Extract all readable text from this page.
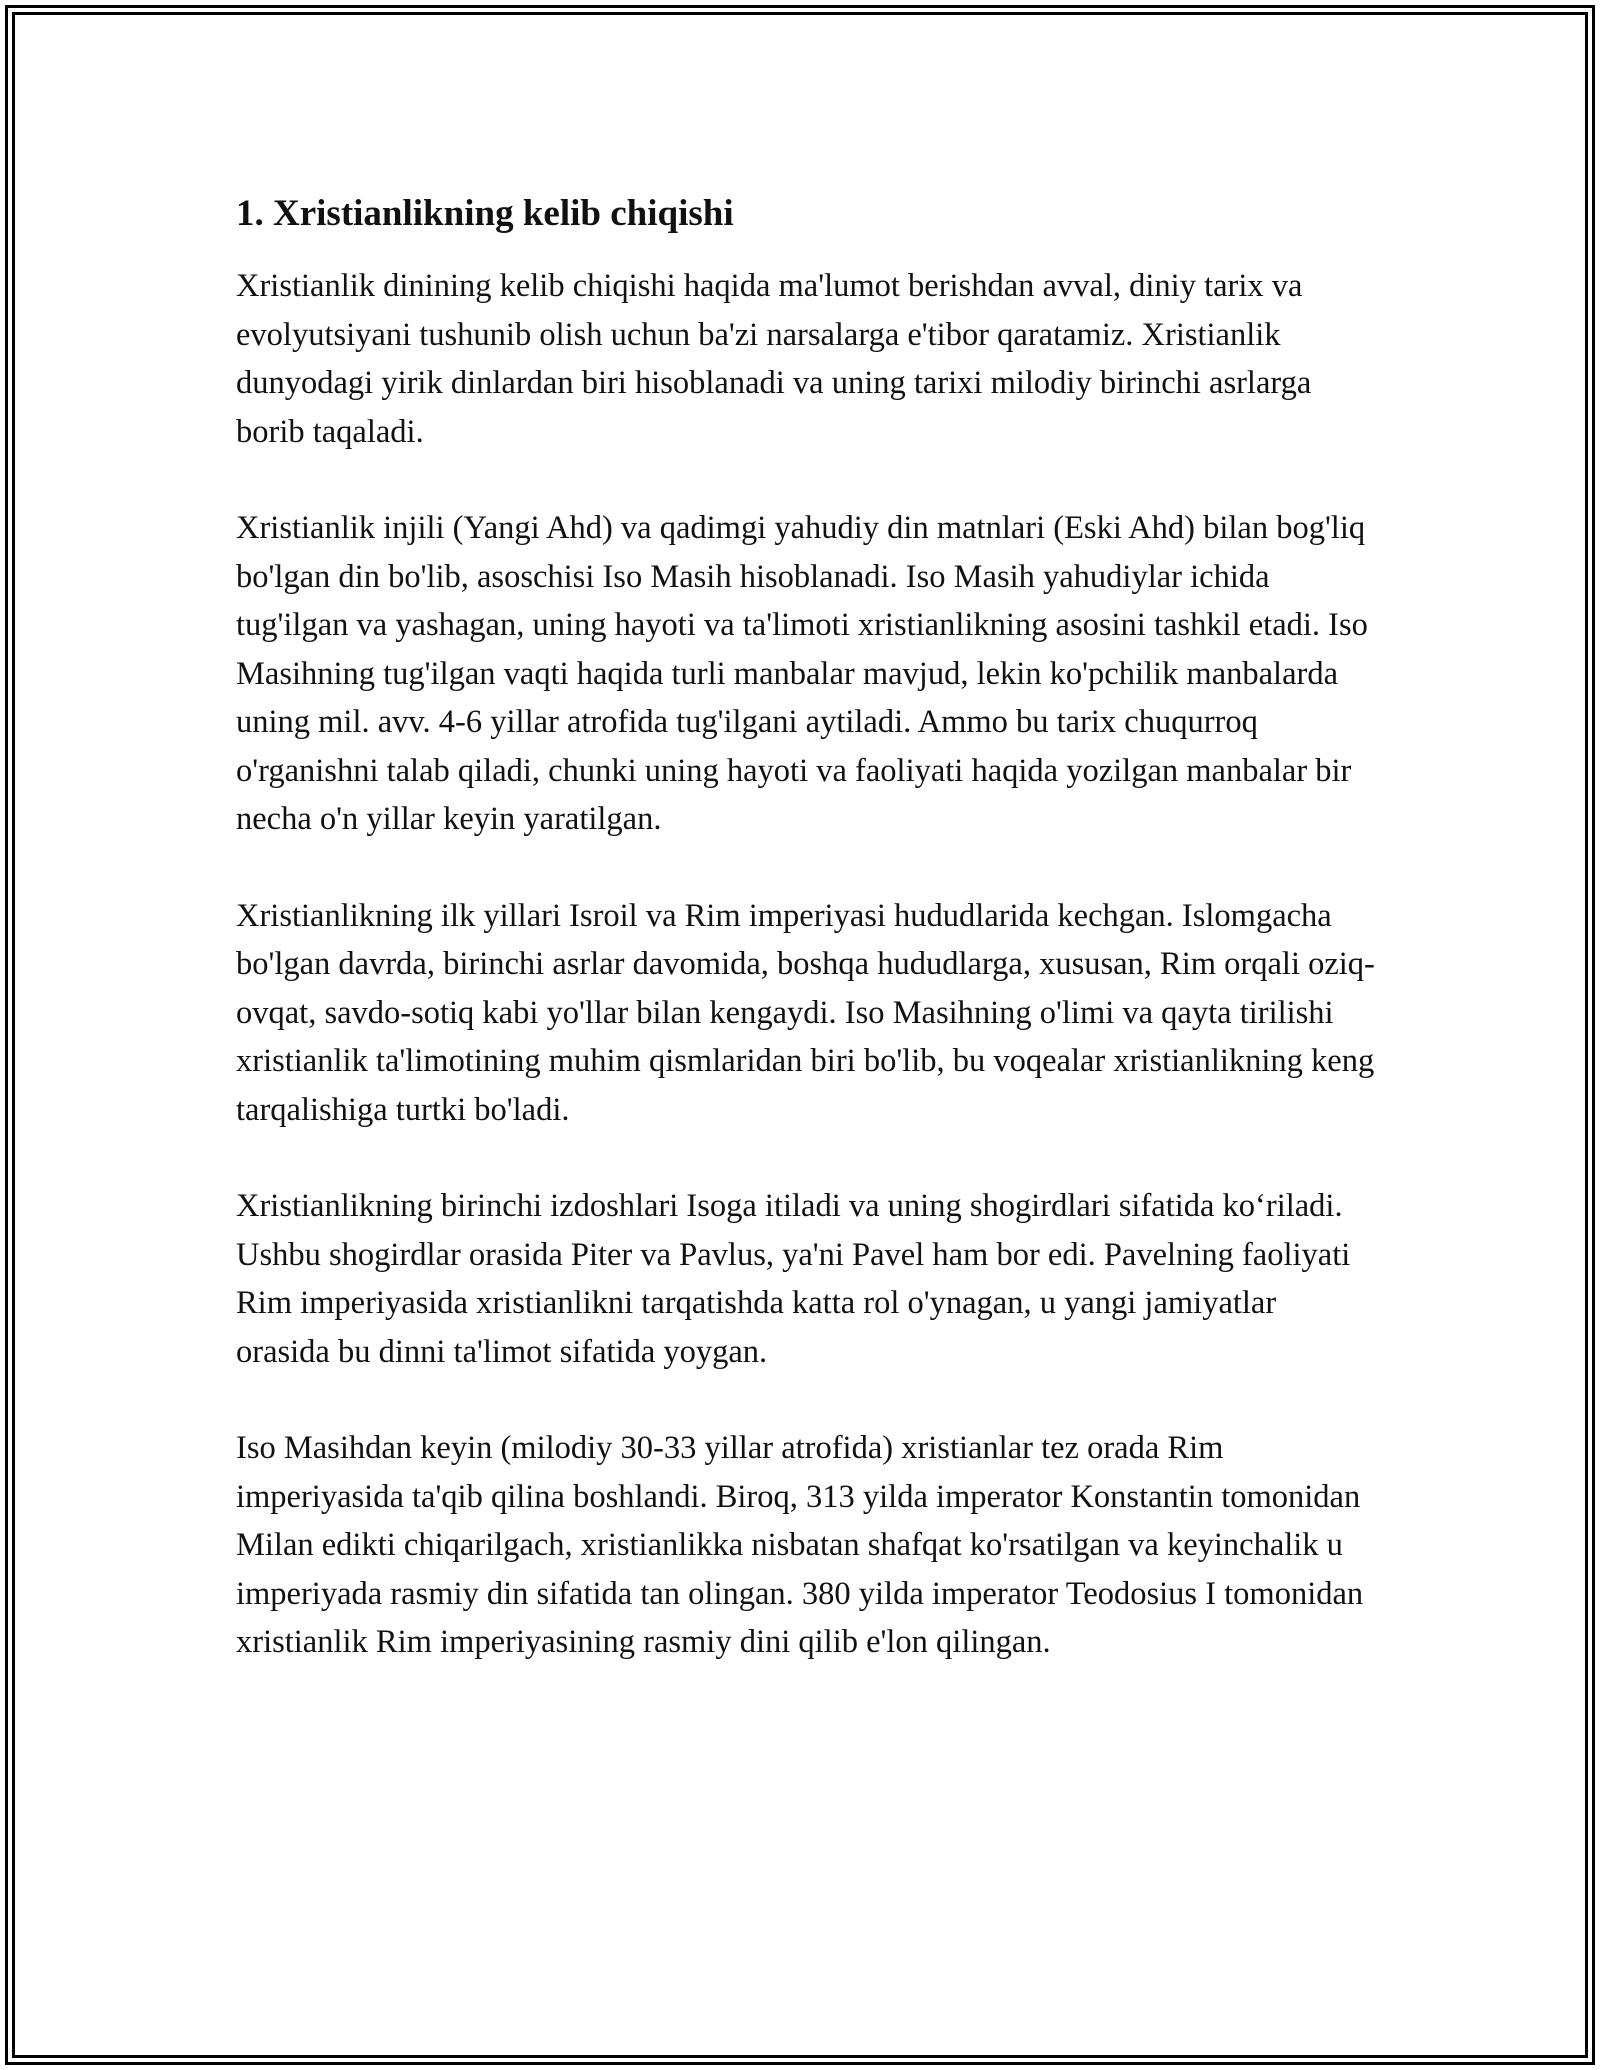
1. Xristianlikning kelib chiqishi

Xristianlik dinining kelib chiqishi haqida ma'lumot berishdan avval, diniy tarix va evolyutsiyani tushunib olish uchun ba'zi narsalarga e'tibor qaratamiz. Xristianlik dunyodagi yirik dinlardan biri hisoblanadi va uning tarixi milodiy birinchi asrlarga borib taqaladi.

Xristianlik injili (Yangi Ahd) va qadimgi yahudiy din matnlari (Eski Ahd) bilan bog'liq bo'lgan din bo'lib, asoschisi Iso Masih hisoblanadi. Iso Masih yahudiylar ichida tug'ilgan va yashagan, uning hayoti va ta'limoti xristianlikning asosini tashkil etadi. Iso Masihning tug'ilgan vaqti haqida turli manbalar mavjud, lekin ko'pchilik manbalarda uning mil. avv. 4-6 yillar atrofida tug'ilgani aytiladi. Ammo bu tarix chuqurroq o'rganishni talab qiladi, chunki uning hayoti va faoliyati haqida yozilgan manbalar bir necha o'n yillar keyin yaratilgan.

Xristianlikning ilk yillari Isroil va Rim imperiyasi hududlarida kechgan. Islomgacha bo'lgan davrda, birinchi asrlar davomida, boshqa hududlarga, xususan, Rim orqali oziq-ovqat, savdo-sotiq kabi yo'llar bilan kengaydi. Iso Masihning o'limi va qayta tirilishi xristianlik ta'limotining muhim qismlaridan biri bo'lib, bu voqealar xristianlikning keng tarqalishiga turtki bo'ladi.

Xristianlikning birinchi izdoshlari Isoga itiladi va uning shogirdlari sifatida ko‘riladi. Ushbu shogirdlar orasida Piter va Pavlus, ya'ni Pavel ham bor edi. Pavelning faoliyati Rim imperiyasida xristianlikni tarqatishda katta rol o'ynagan, u yangi jamiyatlar orasida bu dinni ta'limot sifatida yoygan.

Iso Masihdan keyin (milodiy 30-33 yillar atrofida) xristianlar tez orada Rim imperiyasida ta'qib qilina boshlandi. Biroq, 313 yilda imperator Konstantin tomonidan Milan edikti chiqarilgach, xristianlikka nisbatan shafqat ko'rsatilgan va keyinchalik u imperiyada rasmiy din sifatida tan olingan. 380 yilda imperator Teodosius I tomonidan xristianlik Rim imperiyasining rasmiy dini qilib e'lon qilingan.
